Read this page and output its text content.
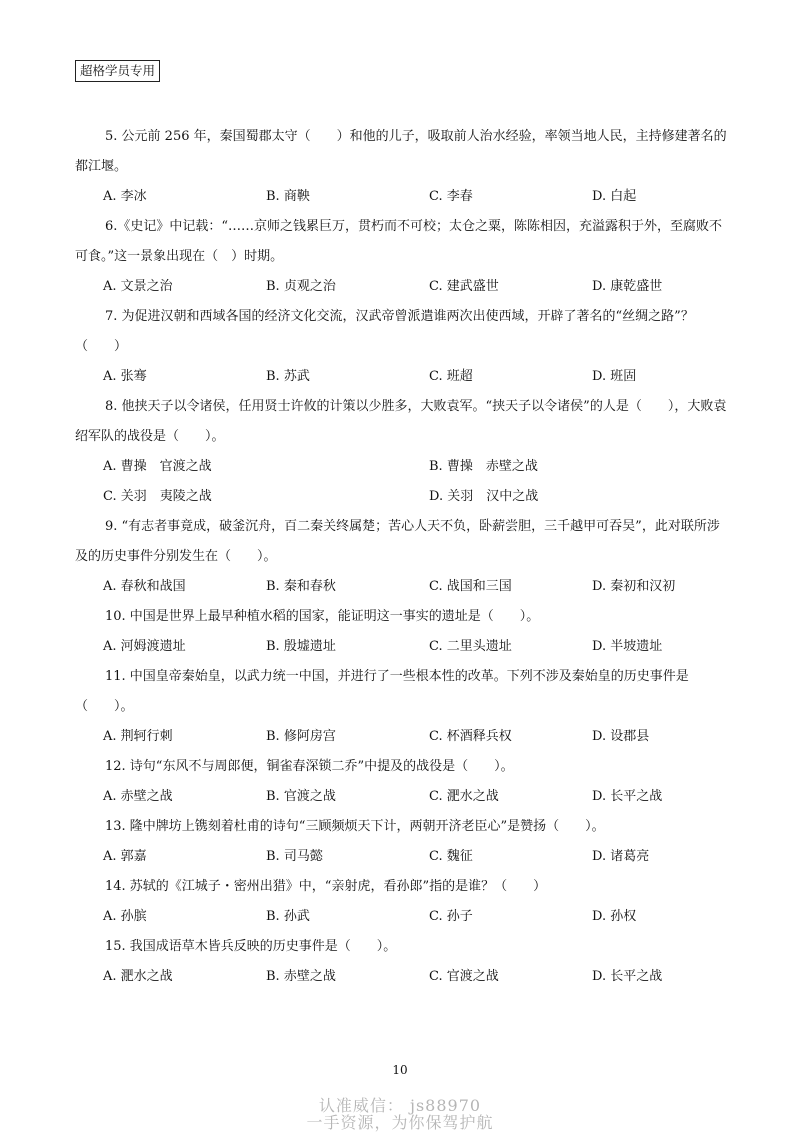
超格学员专用

5. 公元前 256 年，秦国蜀郡太守（　　）和他的儿子，吸取前人治水经验，率领当地人民，主持修建著名的都江堰。

A. 李冰	B. 商鞅	C. 李春	D. 白起

6.《史记》中记载：“……京师之钱累巨万，贯朽而不可校；太仓之粟，陈陈相因，充溢露积于外，至腐败不可食。”这一景象出现在（　）时期。

A. 文景之治	B. 贞观之治	C. 建武盛世	D. 康乾盛世

7. 为促进汉朝和西域各国的经济文化交流，汉武帝曾派遣谁两次出使西域，开辟了著名的“丝绸之路”？（　　）

A. 张骞	B. 苏武	C. 班超	D. 班固

8. 他挟天子以令诸侯，任用贤士许攸的计策以少胜多，大败袁军。“挟天子以令诸侯”的人是（　　），大败袁绍军队的战役是（　　）。

A. 曹操　官渡之战	B. 曹操　赤壁之战
C. 关羽　夷陵之战	D. 关羽　汉中之战

9. “有志者事竟成，破釜沉舟，百二秦关终属楚；苦心人天不负，卧薪尝胆，三千越甲可吞吴”，此对联所涉及的历史事件分别发生在（　　）。

A. 春秋和战国	B. 秦和春秋	C. 战国和三国	D. 秦初和汉初

10. 中国是世界上最早种植水稻的国家，能证明这一事实的遗址是（　　）。

A. 河姆渡遗址	B. 殷墟遗址	C. 二里头遗址	D. 半坡遗址

11. 中国皇帝秦始皇，以武力统一中国，并进行了一些根本性的改革。下列不涉及秦始皇的历史事件是（　　）。

A. 荆轲行刺	B. 修阿房宫	C. 杯酒释兵权	D. 设郡县

12. 诗句“东风不与周郎便，铜雀春深锁二乔”中提及的战役是（　　）。

A. 赤壁之战	B. 官渡之战	C. 淝水之战	D. 长平之战

13. 隆中牌坊上镌刻着杜甫的诗句“三顾频烦天下计，两朝开济老臣心”是赞扬（　　）。

A. 郭嘉	B. 司马懿	C. 魏征	D. 诸葛亮

14. 苏轼的《江城子・密州出猎》中，“亲射虎，看孙郎”指的是谁？（　　）

A. 孙膑	B. 孙武	C. 孙子	D. 孙权

15. 我国成语草木皆兵反映的历史事件是（　　）。

A. 淝水之战	B. 赤壁之战	C. 官渡之战	D. 长平之战
10
认准威信： js88970
一手资源，为你保驾护航
